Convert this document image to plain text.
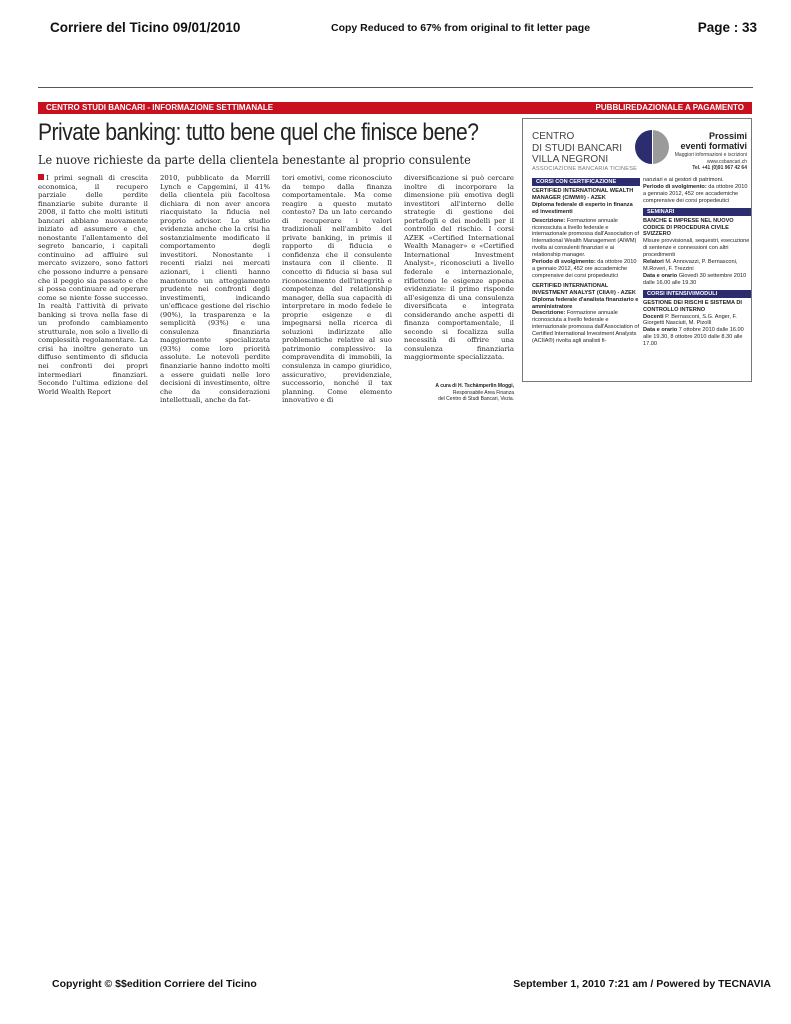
Corriere del Ticino 09/01/2010	Copy Reduced to 67% from original to fit letter page	Page : 33
CENTRO STUDI BANCARI - INFORMAZIONE SETTIMANALE	PUBBLIREDAZIONALE A PAGAMENTO
Private banking: tutto bene quel che finisce bene?
Le nuove richieste da parte della clientela benestante al proprio consulente
I primi segnali di crescita economica, il recupero parziale delle perdite finanziarie subite durante il 2008, il fatto che molti istituti bancari abbiano nuovamente iniziato ad assumere e che, nonostante l'allentamento del segreto bancario, i capitali continuino ad affluire sul mercato svizzero, sono fattori che possono indurre a pensare che il peggio sia passato e che si possa continuare ad operare come se niente fosse successo. In realtà l'attività di private banking si trova nella fase di un profondo cambiamento strutturale, non solo a livello di complessità regolamentare. La crisi ha inoltre generato un diffuso sentimento di sfiducia nei confronti dei propri intermediari finanziari. Secondo l'ultima edizione del World Wealth Report
2010, pubblicato da Merrill Lynch e Capgemini, il 41% della clientela più facoltosa dichiara di non aver ancora riacquistato la fiducia nel proprio advisor. Lo studio evidenzia anche che la crisi ha sostanzialmente modificato il comportamento degli investitori. Nonostante i recenti rialzi nei mercati azionari, i clienti hanno mantenuto un atteggiamento prudente nei confronti degli investimenti, indicando un'efficace gestione del rischio (90%), la trasparenza e la semplicità (93%) e una consulenza finanziaria maggiormente specializzata (93%) come loro priorità assolute. Le notevoli perdite finanziarie hanno indotto molti a essere guidati nelle loro decisioni di investimento, oltre che da considerazioni intellettuali, anche da fat-
tori emotivi, come riconosciuto da tempo dalla finanza comportamentale. Ma come reagire a questo mutato contesto? Da un lato cercando di recuperare i valori tradizionali nell'ambito del private banking, in primis il rapporto di fiducia e confidenza che il consulente instaura con il cliente. Il concetto di fiducia si basa sul riconoscimento dell'integrità e competenza del relationship manager, della sua capacità di interpretare in modo fedele le proprie esigenze e di impegnarsi nella ricerca di soluzioni indirizzate alle problematiche relative al suo patrimonio complessivo: la compravendita di immobili, la consulenza in campo giuridico, assicurativo, previdenziale, successorio, nonché il tax planning. Come elemento innovativo e di
diversificazione si può cercare inoltre di incorporare la dimensione più emotiva degli investitori all'interno delle strategie di gestione dei portafogli e dei modelli per il controllo del rischio. I corsi AZEK «Certified International Wealth Manager» e «Certified International Investment Analyst», riconosciuti a livello federale e internazionale, riflettono le esigenze appena evidenziate: il primo risponde all'esigenza di una consulenza diversificata e integrata considerando anche aspetti di finanza comportamentale, il secondo si focalizza sulla necessità di offrire una consulenza finanziaria maggiormente specializzata.
A cura di H. Tschämperlin Moggi,
Responsabile Area Finanza
del Centro di Studi Bancari, Vezia.
CENTRO
DI STUDI BANCARI
VILLA NEGRONI
ASSOCIAZIONE BANCARIA TICINESE
Prossimi
eventi formativi
Maggiori informazioni e iscrizioni
www.csbancari.ch
Tel. +41 (0)91 967 42 64
CORSI CON CERTIFICAZIONE
CERTIFIED INTERNATIONAL WEALTH MANAGER (CIWM®) - AZEK
Diploma federale di esperto in finanza ed investimenti
Descrizione: Formazione annuale riconosciuta a livello federale e internazionale promossa dall'Association of International Wealth Management (AIWM) rivolta ai consulenti finanziari e ai relationship manager.
Periodo di svolgimento: da ottobre 2010 a gennaio 2012, 452 ore accademiche comprensive dei corsi propedeutici
CERTIFIED INTERNATIONAL INVESTMENT ANALYST (CIIA®) - AZEK
Diploma federale d'analista finanziario e amministratore
Descrizione: Formazione annuale riconosciuta a livello federale e internazionale promossa dall'Association of Certified International Investment Analysts (ACIIA®) rivolta agli analisti fi-
nanziari e ai gestori di patrimoni.
Periodo di svolgimento: da ottobre 2010 a gennaio 2012, 452 ore accademiche comprensive dei corsi propedeutici
SEMINARI
BANCHE E IMPRESE NEL NUOVO CODICE DI PROCEDURA CIVILE SVIZZERO
Misure provvisionali, sequestri, esecuzione di sentenze e connessioni con altri procedimenti
Relatori M. Annovazzi, P. Bernasconi, M.Roveri, F. Trezzini
Data e orario Giovedì 30 settembre 2010 dalle 16.00 alle 19.30
CORSI INTENSIVI/MODULI
GESTIONE DEI RISCHI E SISTEMA DI CONTROLLO INTERNO
Docenti P. Bernasconi, S.G. Anger, F. Giorgetti Nasciuti, M. Pizolli
Data e orario 7 ottobre 2010 dalle 16.00 alle 19.30, 8 ottobre 2010 dalle 8.30 alle 17.00
Copyright © $$edition Corriere del Ticino	September 1, 2010 7:21 am / Powered by TECNAVIA
